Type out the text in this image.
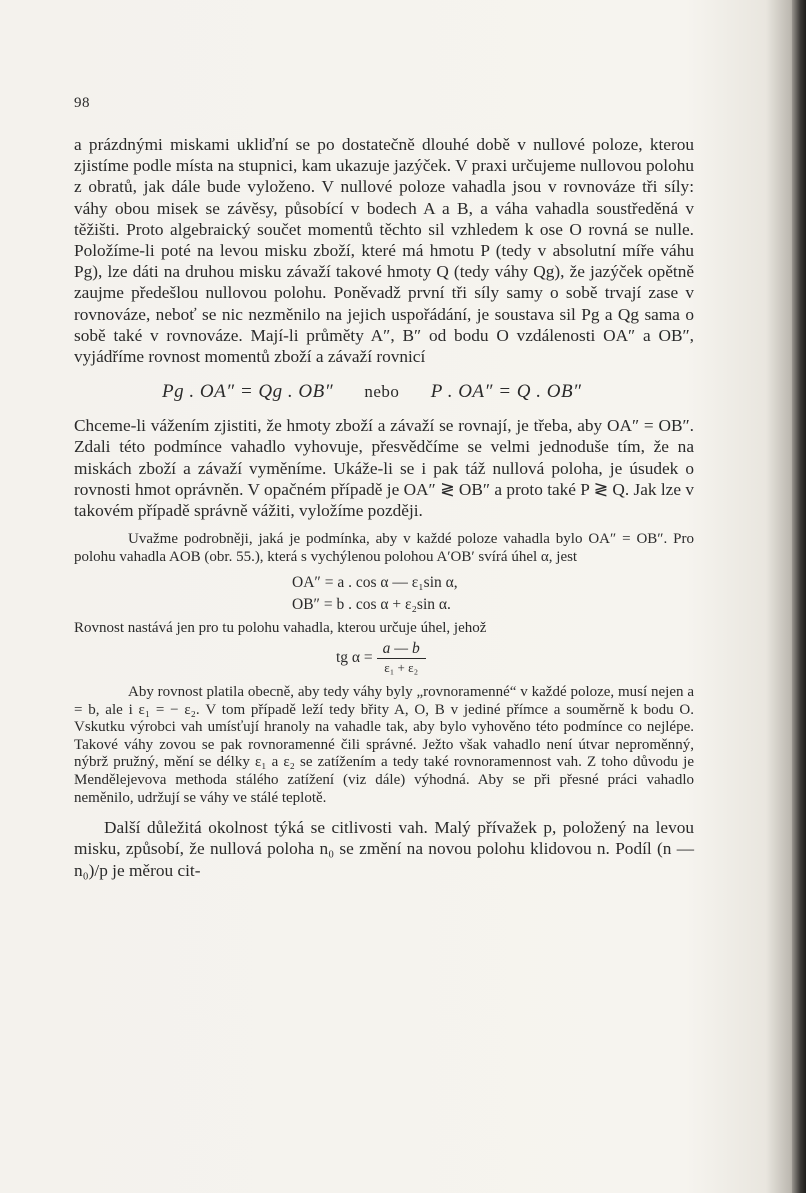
98

a prázdnými miskami ukliďní se po dostatečně dlouhé době v nullové poloze, kterou zjistíme podle místa na stupnici, kam ukazuje jazýček. V praxi určujeme nullovou polohu z obratů, jak dále bude vyloženo. V nullové poloze vahadla jsou v rovnováze tři síly: váhy obou misek se závěsy, působící v bodech A a B, a váha vahadla soustředěná v těžišti. Proto algebraický součet momentů těchto sil vzhledem k ose O rovná se nulle. Položíme-li poté na levou misku zboží, které má hmotu P (tedy v absolutní míře váhu Pg), lze dáti na druhou misku závaží takové hmoty Q (tedy váhy Qg), že jazýček opětně zaujme předešlou nullovou polohu. Poněvadž první tři síly samy o sobě trvají zase v rovnováze, neboť se nic nezměnilo na jejich uspořádání, je soustava sil Pg a Qg sama o sobě také v rovnováze. Mají-li průměty A″, B″ od bodu O vzdálenosti OA″ a OB″, vyjádříme rovnost momentů zboží a závaží rovnicí

Pg . OA″ = Qg . OB″ nebo P . OA″ = Q . OB″

Chceme-li vážením zjistiti, že hmoty zboží a závaží se rovnají, je třeba, aby OA″ = OB″. Zdali této podmínce vahadlo vyhovuje, přesvědčíme se velmi jednoduše tím, že na miskách zboží a závaží vyměníme. Ukáže-li se i pak táž nullová poloha, je úsudek o rovnosti hmot oprávněn. V opačném případě je OA″ ≷ OB″ a proto také P ≷ Q. Jak lze v takovém případě správně vážiti, vyložíme později.

Uvažme podrobněji, jaká je podmínka, aby v každé poloze vahadla bylo OA″ = OB″. Pro polohu vahadla AOB (obr. 55.), která s vychýlenou polohou A′OB′ svírá úhel α, jest

OA″ = a . cos α — ε₁sin α,
OB″ = b . cos α + ε₂sin α.

Rovnost nastává jen pro tu polohu vahadla, kterou určuje úhel, jehož

tg $\alpha = \frac{a — b}{\text{ε₁ + ε₂}}$

Aby rovnost platila obecně, aby tedy váhy byly „rovnoramenné“ v každé poloze, musí nejen a = b, ale i ε₁ = − ε₂. V tom případě leží tedy břity A, O, B v jediné přímce a souměrně k bodu O. Vskutku výrobci vah umísťují hranoly na vahadle tak, aby bylo vyhověno této podmínce co nejlépe. Takové váhy zovou se pak rovnoramenné čili správné. Ježto však vahadlo není útvar neproměnný, nýbrž pružný, mění se délky ε₁ a ε₂ se zatížením a tedy také rovnoramennost vah. Z toho důvodu je Mendělejevova methoda stálého zatížení (viz dále) výhodná. Aby se při přesné práci vahadlo neměnilo, udržují se váhy ve stálé teplotě.

Další důležitá okolnost týká se citlivosti vah. Malý přívažek p, položený na levou misku, způsobí, že nullová poloha n₀ se změní na novou polohu klidovou n. Podíl (n — n₀)/p je měrou cit-
